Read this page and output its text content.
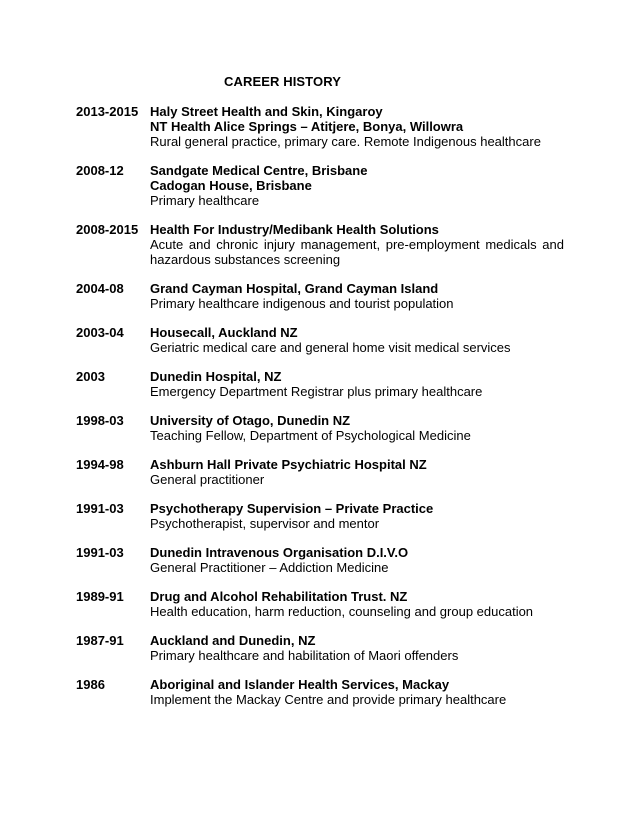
CAREER HISTORY
2013-2015 Haly Street Health and Skin, Kingaroy
NT Health Alice Springs – Atitjere, Bonya, Willowra
Rural general practice, primary care. Remote Indigenous healthcare
2008-12	Sandgate Medical Centre, Brisbane
Cadogan House, Brisbane
Primary healthcare
2008-2015 Health For Industry/Medibank Health Solutions
Acute and chronic injury management, pre-employment medicals and hazardous substances screening
2004-08	Grand Cayman Hospital, Grand Cayman Island
Primary healthcare indigenous and tourist population
2003-04	Housecall, Auckland NZ
Geriatric medical care and general home visit medical services
2003	Dunedin Hospital, NZ
Emergency Department Registrar plus primary healthcare
1998-03	University of Otago, Dunedin NZ
Teaching Fellow, Department of Psychological Medicine
1994-98	Ashburn Hall Private Psychiatric Hospital NZ
General practitioner
1991-03	Psychotherapy Supervision – Private Practice
Psychotherapist, supervisor and mentor
1991-03	Dunedin Intravenous Organisation D.I.V.O
General Practitioner – Addiction Medicine
1989-91	Drug and Alcohol Rehabilitation Trust. NZ
Health education, harm reduction, counseling and group education
1987-91	Auckland and Dunedin, NZ
Primary healthcare and habilitation of Maori offenders
1986	Aboriginal and Islander Health Services, Mackay
Implement the Mackay Centre and provide primary healthcare
